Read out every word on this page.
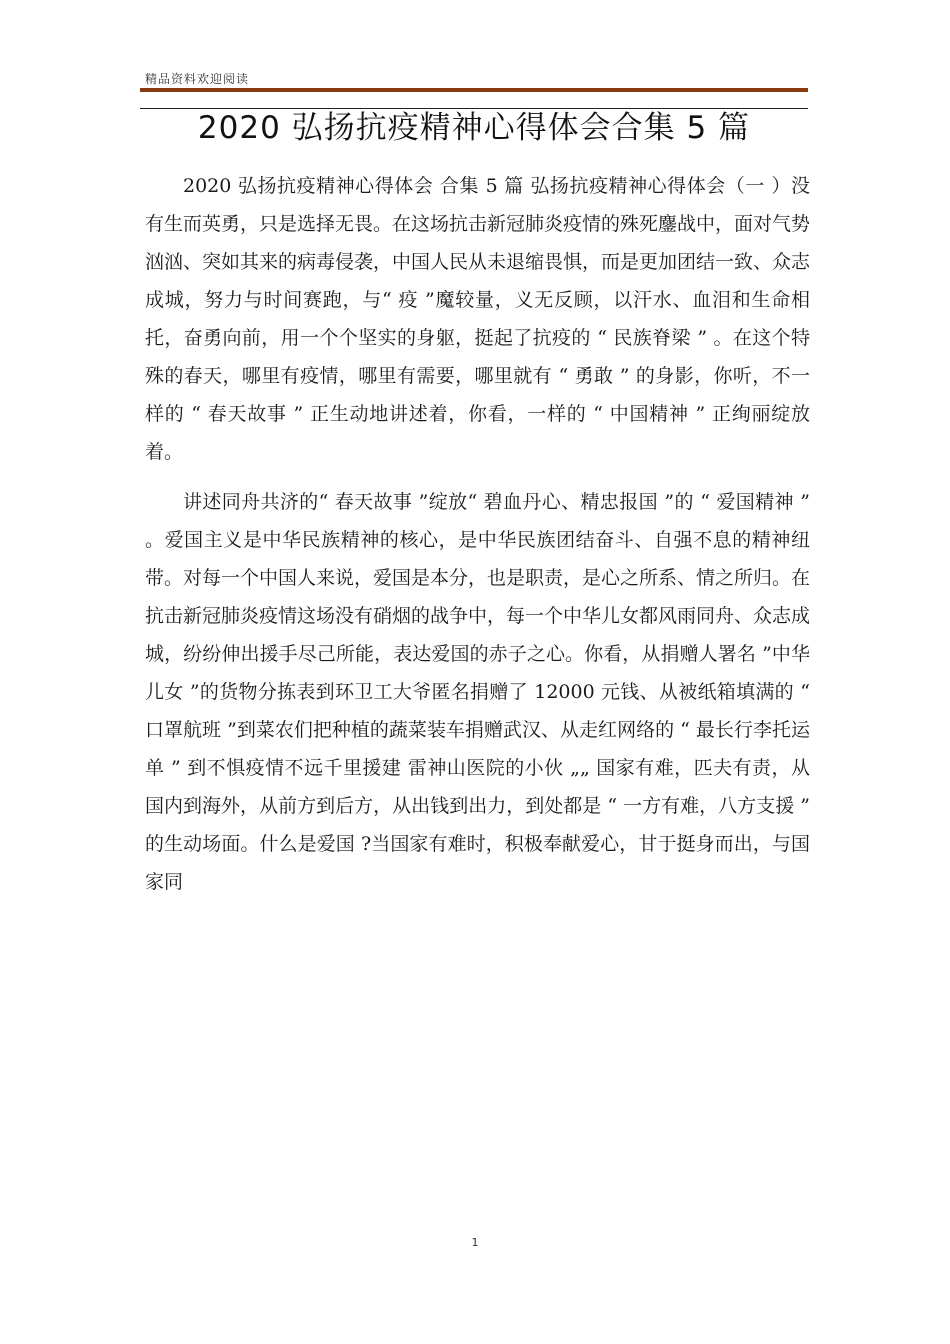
精品资料欢迎阅读
2020 弘扬抗疫精神心得体会合集 5 篇

2020 弘扬抗疫精神心得体会 合集 5 篇 弘扬抗疫精神心得体会（一 ）没有生而英勇，只是选择无畏。在这场抗击新冠肺炎疫情的殊死鏖战中，面对气势汹汹、突如其来的病毒侵袭，中国人民从未退缩畏惧，而是更加团结一致、众志成城，努力与时间赛跑，与“ 疫 ”魔较量，义无反顾，以汗水、血泪和生命相托，奋勇向前，用一个个坚实的身躯，挺起了抗疫的 “ 民族脊梁 ” 。在这个特殊的春天，哪里有疫情，哪里有需要，哪里就有 “ 勇敢 ” 的身影，你听，不一样的 “ 春天故事 ” 正生动地讲述着，你看，一样的 “ 中国精神 ” 正绚丽绽放着。

讲述同舟共济的“ 春天故事 ”绽放“ 碧血丹心、精忠报国 ”的 “ 爱国精神 ” 。爱国主义是中华民族精神的核心，是中华民族团结奋斗、自强不息的精神纽带。对每一个中国人来说，爱国是本分，也是职责，是心之所系、情之所归。在抗击新冠肺炎疫情这场没有硝烟的战争中，每一个中华儿女都风雨同舟、众志成城，纷纷伸出援手尽己所能，表达爱国的赤子之心。你看，从捐赠人署名 ”中华儿女 ”的货物分拣表到环卫工大爷匿名捐赠了 12000 元钱、从被纸箱填满的 “ 口罩航班 ”到菜农们把种植的蔬菜装车捐赠武汉、从走红网络的 “ 最长行李托运单 ” 到不惧疫情不远千里援建 雷神山医院的小伙 „„ 国家有难，匹夫有责，从国内到海外，从前方到后方，从出钱到出力，到处都是 “ 一方有难，八方支援 ” 的生动场面。什么是爱国 ?当国家有难时，积极奉献爱心，甘于挺身而出，与国家同

1
